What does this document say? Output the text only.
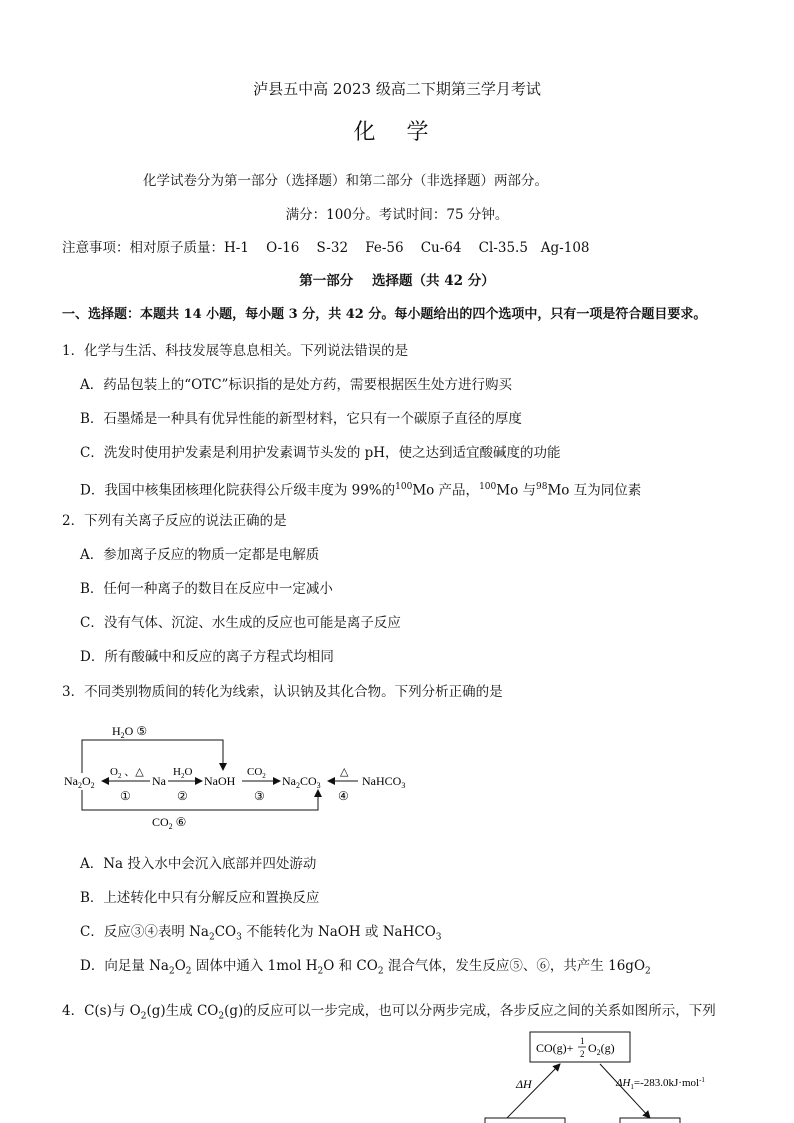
泸县五中高 2023 级高二下期第三学月考试
化 学
化学试卷分为第一部分（选择题）和第二部分（非选择题）两部分。
满分：100分。考试时间：75 分钟。
注意事项：相对原子质量：H-1    O-16    S-32    Fe-56    Cu-64    Cl-35.5   Ag-108
第一部分    选择题（共 42 分）
一、选择题：本题共 14 小题，每小题 3 分，共 42 分。每小题给出的四个选项中，只有一项是符合题目要求。
1．化学与生活、科技发展等息息相关。下列说法错误的是
A．药品包装上的“OTC”标识指的是处方药，需要根据医生处方进行购买
B．石墨烯是一种具有优异性能的新型材料，它只有一个碳原子直径的厚度
C．洗发时使用护发素是利用护发素调节头发的 pH，使之达到适宜酸碱度的功能
D．我国中核集团核理化院获得公斤级丰度为 99%的$^{100}$Mo 产品，$^{100}$Mo 与$^{98}$Mo 互为同位素
2．下列有关离子反应的说法正确的是
A．参加离子反应的物质一定都是电解质
B．任何一种离子的数目在反应中一定减小
C．没有气体、沉淀、水生成的反应也可能是离子反应
D．所有酸碱中和反应的离子方程式均相同
3．不同类别物质间的转化为线索，认识钠及其化合物。下列分析正确的是
$H_2O$ ⑤
$CO_2$ ⑥
$Na_2O_2$	Na	NaOH	$Na_2CO_3$	NaHCO$_3$
$O_2$ 、△
①
$H_2O$
②
$CO_2$
③
△
④
A．Na 投入水中会沉入底部并四处游动
B．上述转化中只有分解反应和置换反应
C．反应③④表明 $Na_2CO_3$ 不能转化为 NaOH 或 NaHCO$_3$
D．向足量 $Na_2O_2$ 固体中通入 1mol $H_2O$ 和 $CO_2$ 混合气体，发生反应⑤、⑥，共产生 $16gO_2$
4．C(s)与 $O_2(g)$生成 $CO_2(g)$的反应可以一步完成，也可以分两步完成，各步反应之间的关系如图所示，下列
CO(g)+ 1
2 $O_2(g)$
ΔH	$\Delta H_1=-283.0kJ\cdot mol^{-1}$
